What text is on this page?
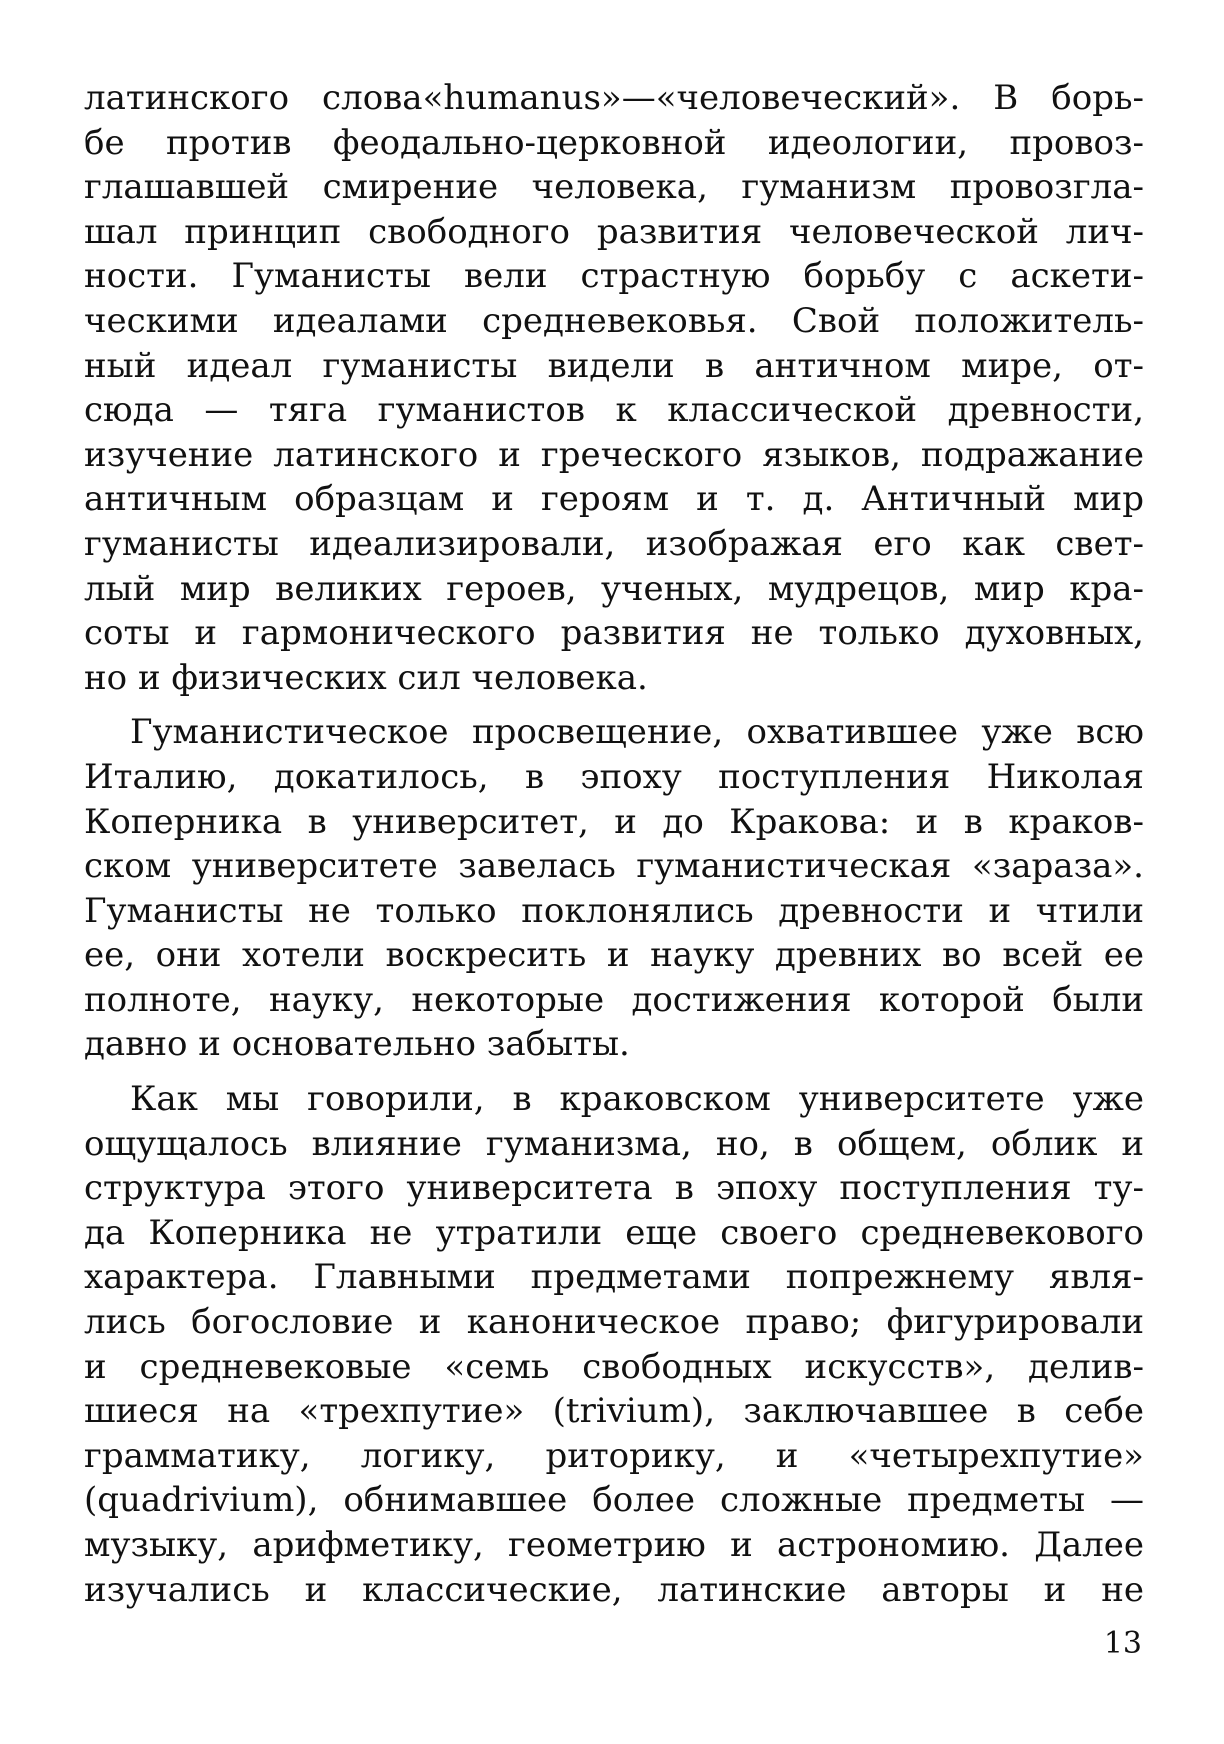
латинского слова«humanus»—«человеческий». В борь-
бе против феодально-церковной идеологии, провоз-
глашавшей смирение человека, гуманизм провозгла-
шал принцип свободного развития человеческой лич-
ности. Гуманисты вели страстную борьбу с аскети-
ческими идеалами средневековья. Свой положитель-
ный идеал гуманисты видели в античном мире, от-
сюда — тяга гуманистов к классической древности,
изучение латинского и греческого языков, подражание
античным образцам и героям и т. д. Античный мир
гуманисты идеализировали, изображая его как свет-
лый мир великих героев, ученых, мудрецов, мир кра-
соты и гармонического развития не только духовных,
но и физических сил человека.
Гуманистическое просвещение, охватившее уже всю
Италию, докатилось, в эпоху поступления Николая
Коперника в университет, и до Кракова: и в краков-
ском университете завелась гуманистическая «зараза».
Гуманисты не только поклонялись древности и чтили
ее, они хотели воскресить и науку древних во всей ее
полноте, науку, некоторые достижения которой были
давно и основательно забыты.
Как мы говорили, в краковском университете уже
ощущалось влияние гуманизма, но, в общем, облик и
структура этого университета в эпоху поступления ту-
да Коперника не утратили еще своего средневекового
характера. Главными предметами попрежнему явля-
лись богословие и каноническое право; фигурировали
и средневековые «семь свободных искусств», делив-
шиеся на «трехпутие» (trivium), заключавшее в себе
грамматику, логику, риторику, и «четырехпутие»
(quadrivium), обнимавшее более сложные предметы —
музыку, арифметику, геометрию и астрономию. Далее
изучались и классические, латинские авторы и не
13
